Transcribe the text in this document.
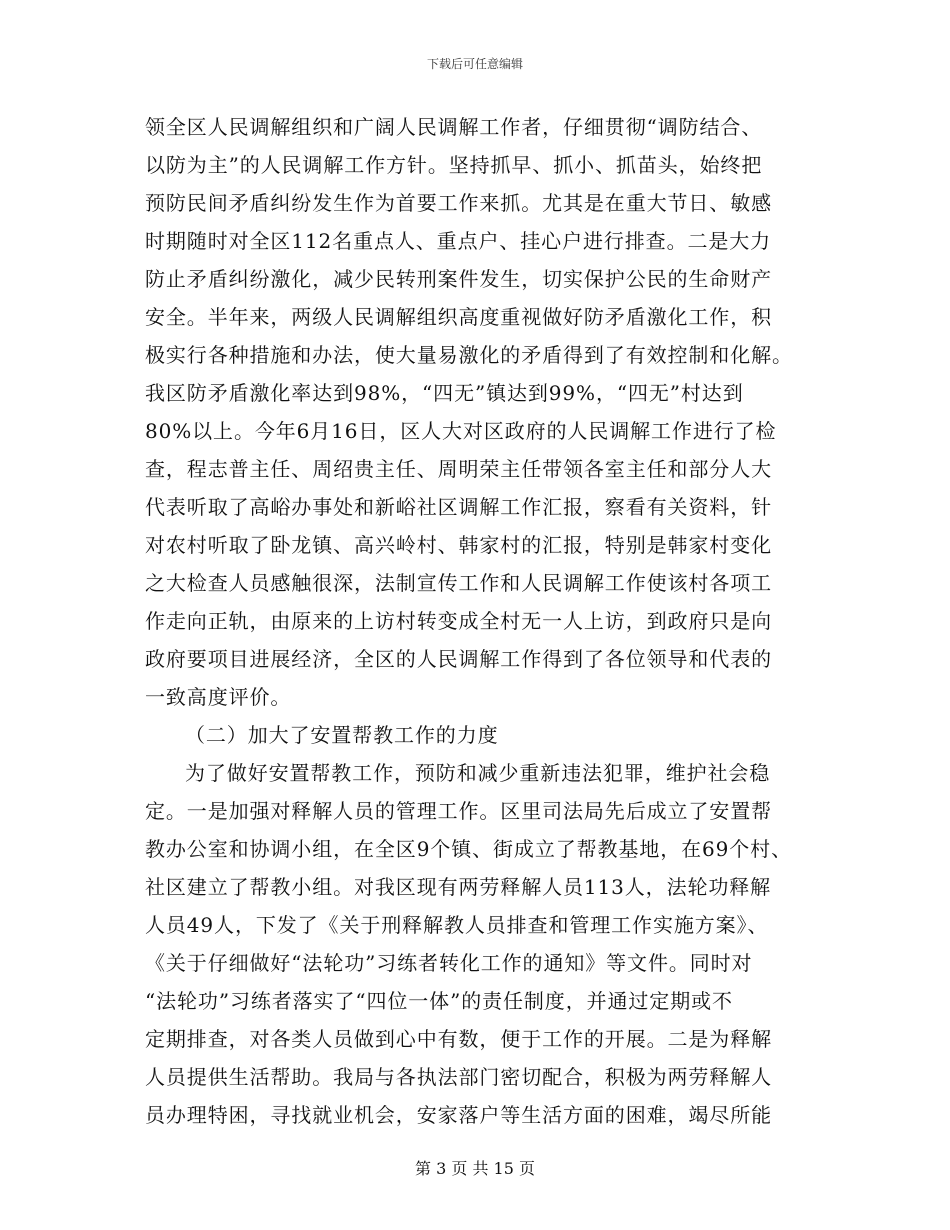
下载后可任意编辑
领全区人民调解组织和广阔人民调解工作者，仔细贯彻“调防结合、
以防为主”的人民调解工作方针。坚持抓早、抓小、抓苗头，始终把
预防民间矛盾纠纷发生作为首要工作来抓。尤其是在重大节日、敏感
时期随时对全区112名重点人、重点户、挂心户进行排查。二是大力
防止矛盾纠纷激化，减少民转刑案件发生，切实保护公民的生命财产
安全。半年来，两级人民调解组织高度重视做好防矛盾激化工作，积
极实行各种措施和办法，使大量易激化的矛盾得到了有效控制和化解。
我区防矛盾激化率达到98%，“四无”镇达到99%，“四无”村达到
80%以上。今年6月16日，区人大对区政府的人民调解工作进行了检
查，程志普主任、周绍贵主任、周明荣主任带领各室主任和部分人大
代表听取了高峪办事处和新峪社区调解工作汇报，察看有关资料，针
对农村听取了卧龙镇、高兴岭村、韩家村的汇报，特别是韩家村变化
之大检查人员感触很深，法制宣传工作和人民调解工作使该村各项工
作走向正轨，由原来的上访村转变成全村无一人上访，到政府只是向
政府要项目进展经济，全区的人民调解工作得到了各位领导和代表的
一致高度评价。
（二）加大了安置帮教工作的力度
为了做好安置帮教工作，预防和减少重新违法犯罪，维护社会稳
定。一是加强对释解人员的管理工作。区里司法局先后成立了安置帮
教办公室和协调小组，在全区9个镇、街成立了帮教基地，在69个村、
社区建立了帮教小组。对我区现有两劳释解人员113人，法轮功释解
人员49人，下发了《关于刑释解教人员排查和管理工作实施方案》、
《关于仔细做好“法轮功”习练者转化工作的通知》等文件。同时对
“法轮功”习练者落实了“四位一体”的责任制度，并通过定期或不
定期排查，对各类人员做到心中有数，便于工作的开展。二是为释解
人员提供生活帮助。我局与各执法部门密切配合，积极为两劳释解人
员办理特困，寻找就业机会，安家落户等生活方面的困难，竭尽所能
第 3 页 共 15 页
